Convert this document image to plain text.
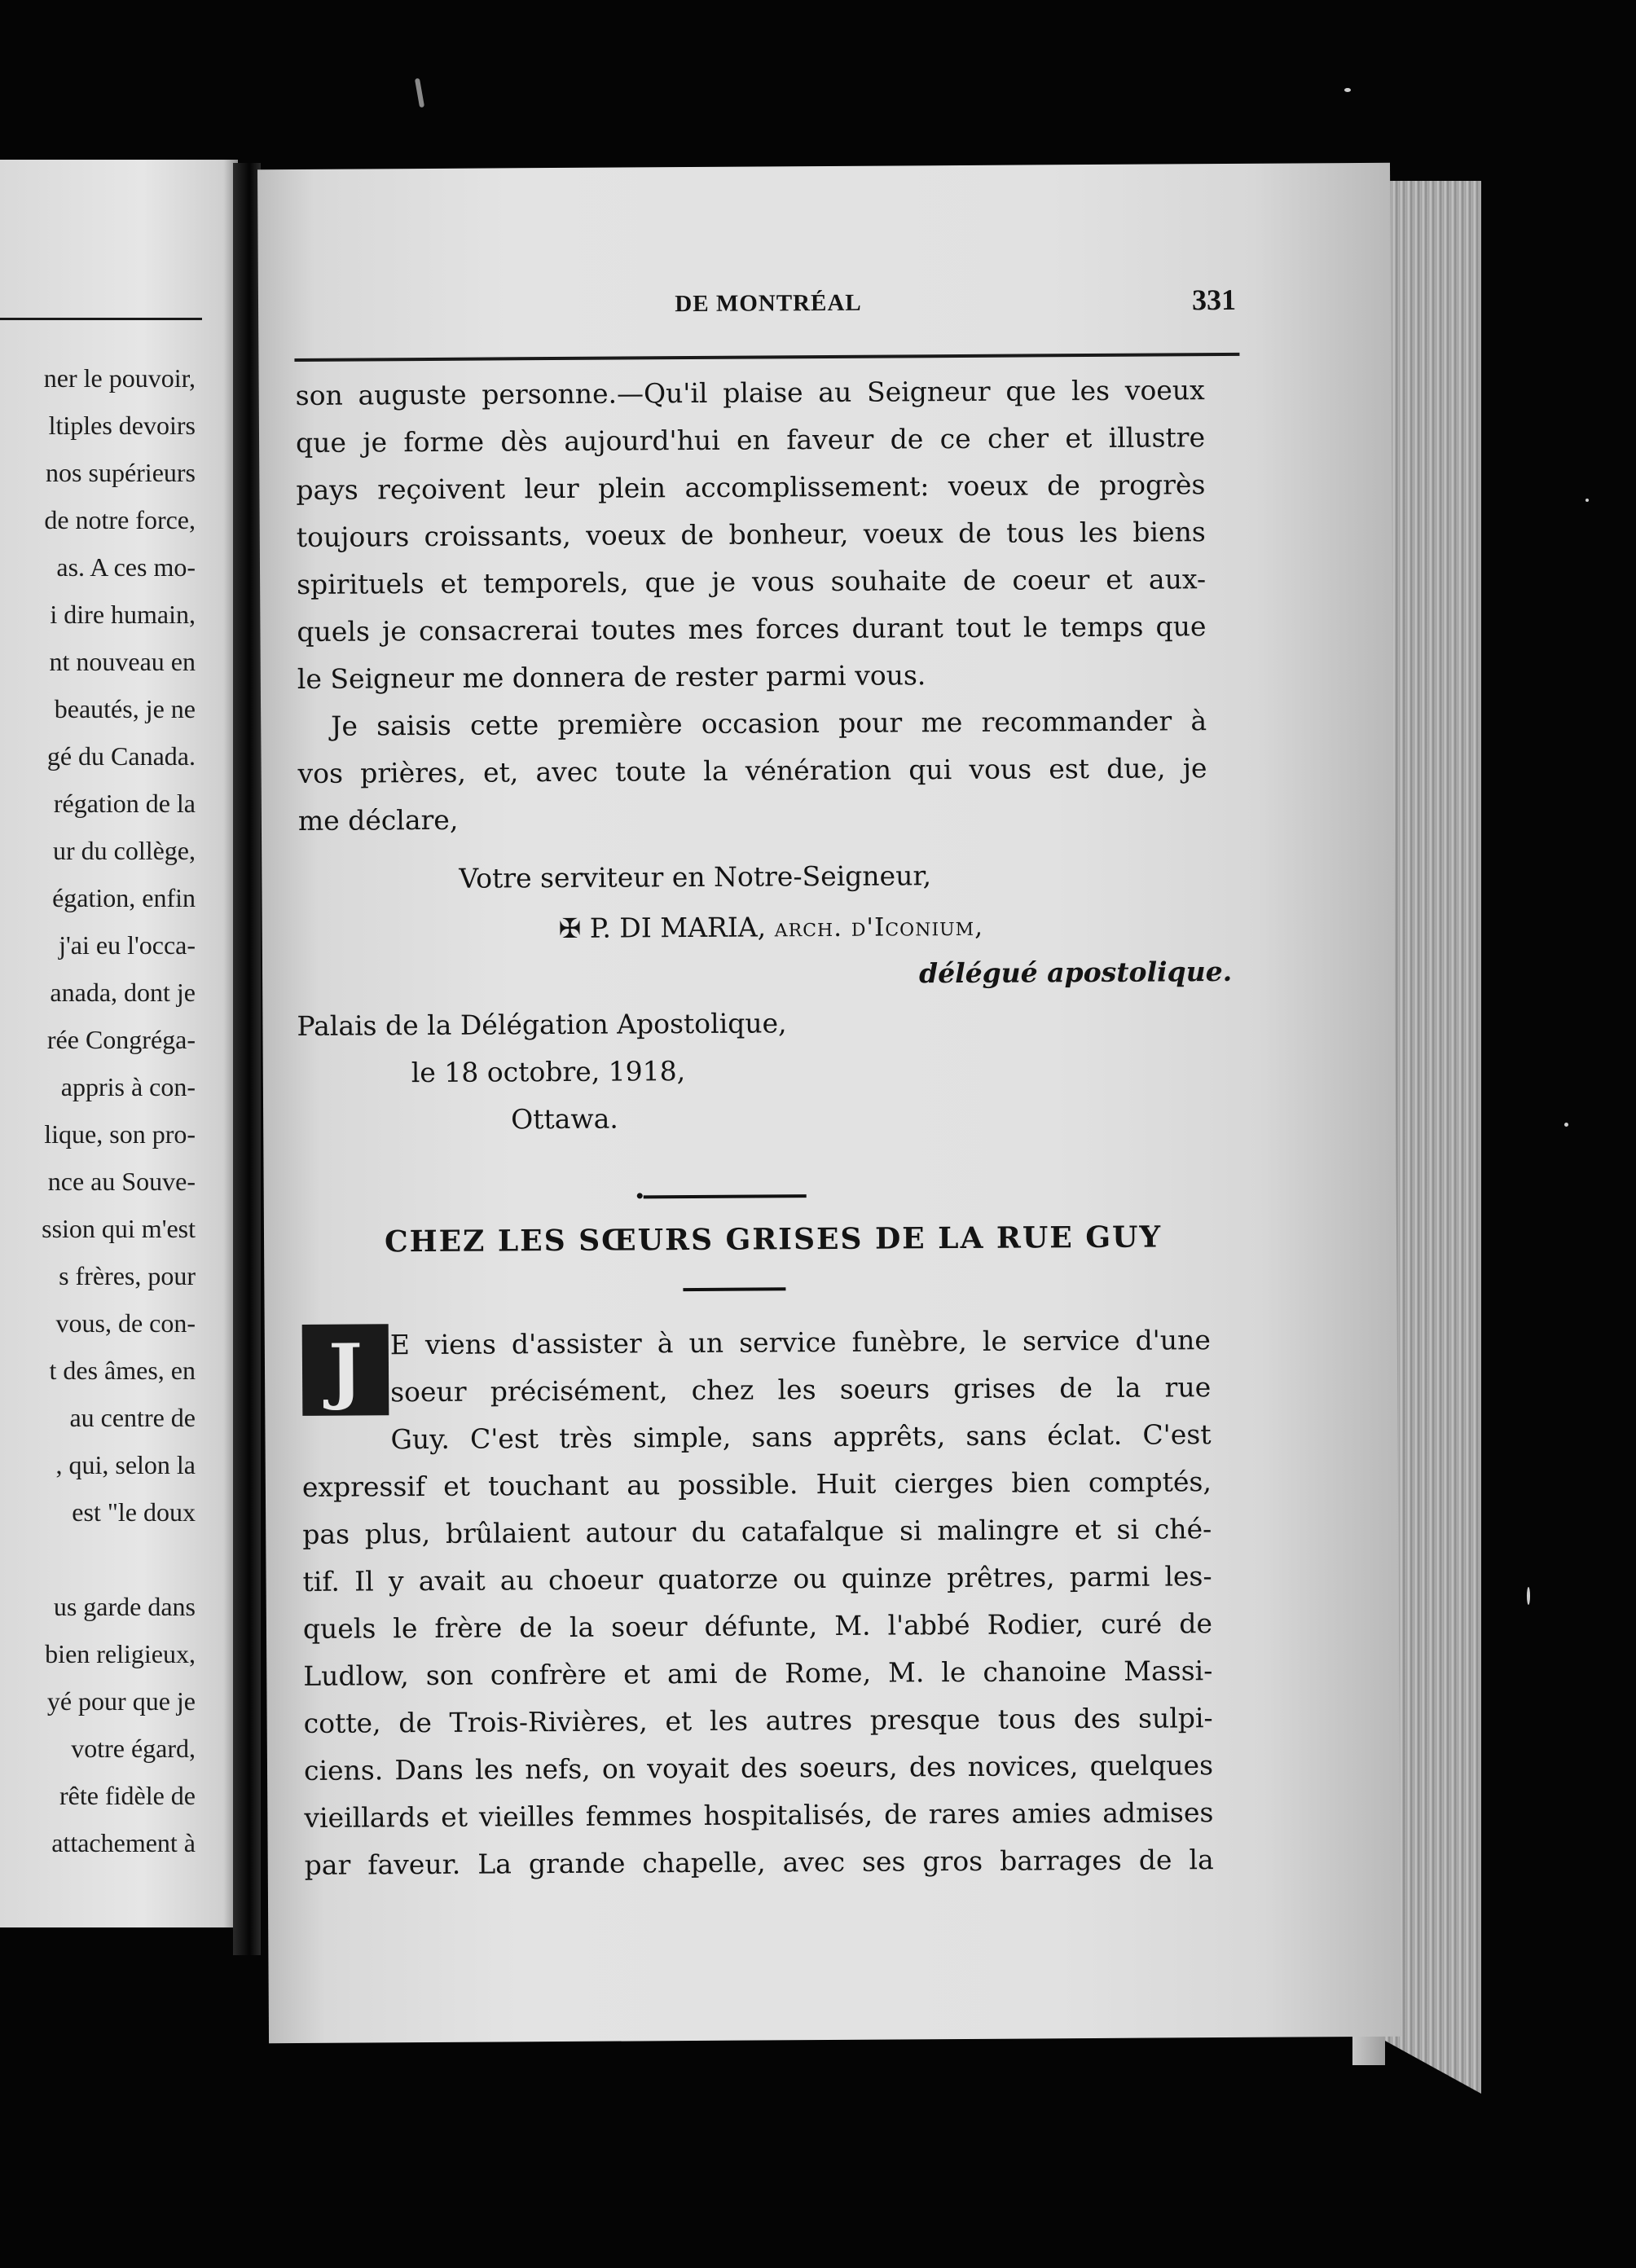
ner le pouvoir,
ltiples devoirs
nos supérieurs
de notre force,
as. A ces mo-
i dire humain,
nt nouveau en
beautés, je ne
gé du Canada.
régation de la
ur du collège,
égation, enfin
j'ai eu l'occa-
anada, dont je
rée Congréga-
appris à con-
lique, son pro-
nce au Souve-
ssion qui m'est
s frères, pour
vous, de con-
t des âmes, en
au centre de
, qui, selon la
est "le doux
us garde dans
bien religieux,
yé pour que je
votre égard,
rête fidèle de
attachement à
DE MONTRÉAL	331
son auguste personne.—Qu'il plaise au Seigneur que les voeux
que je forme dès aujourd'hui en faveur de ce cher et illustre
pays reçoivent leur plein accomplissement: voeux de progrès
toujours croissants, voeux de bonheur, voeux de tous les biens
spirituels et temporels, que je vous souhaite de coeur et aux-
quels je consacrerai toutes mes forces durant tout le temps que
le Seigneur me donnera de rester parmi vous.
Je saisis cette première occasion pour me recommander à
vos prières, et, avec toute la vénération qui vous est due, je
me déclare,
Votre serviteur en Notre-Seigneur,
✠ P. DI MARIA, arch. d'Iconium,
délégué apostolique.
Palais de la Délégation Apostolique,
le 18 octobre, 1918,
Ottawa.
CHEZ LES SŒURS GRISES DE LA RUE GUY
J E viens d'assister à un service funèbre, le service d'une
soeur précisément, chez les soeurs grises de la rue
Guy. C'est très simple, sans apprêts, sans éclat. C'est
expressif et touchant au possible. Huit cierges bien comptés,
pas plus, brûlaient autour du catafalque si malingre et si ché-
tif. Il y avait au choeur quatorze ou quinze prêtres, parmi les-
quels le frère de la soeur défunte, M. l'abbé Rodier, curé de
Ludlow, son confrère et ami de Rome, M. le chanoine Massi-
cotte, de Trois-Rivières, et les autres presque tous des sulpi-
ciens. Dans les nefs, on voyait des soeurs, des novices, quelques
vieillards et vieilles femmes hospitalisés, de rares amies admises
par faveur. La grande chapelle, avec ses gros barrages de la
